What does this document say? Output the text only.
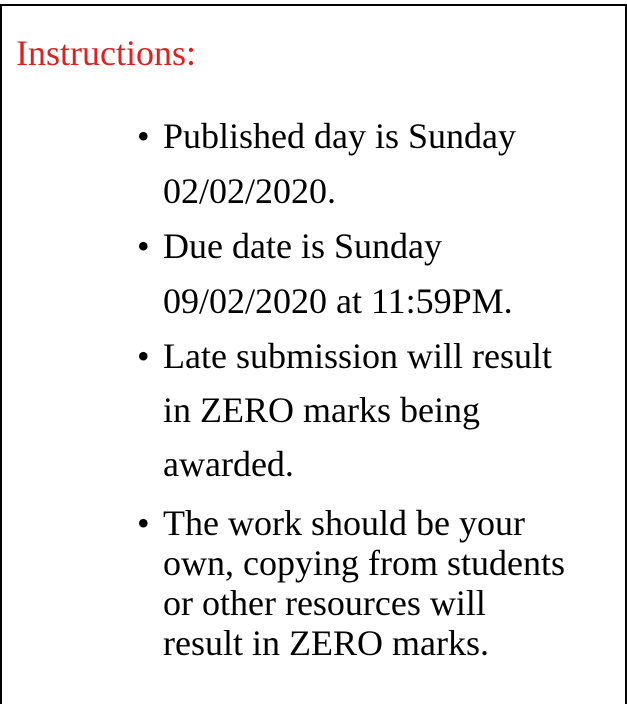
Instructions:
• Published day is Sunday
02/02/2020.
• Due date is Sunday
09/02/2020 at 11:59PM.
• Late submission will result
in ZERO marks being
awarded.
• The work should be your
own, copying from students
or other resources will
result in ZERO marks.
